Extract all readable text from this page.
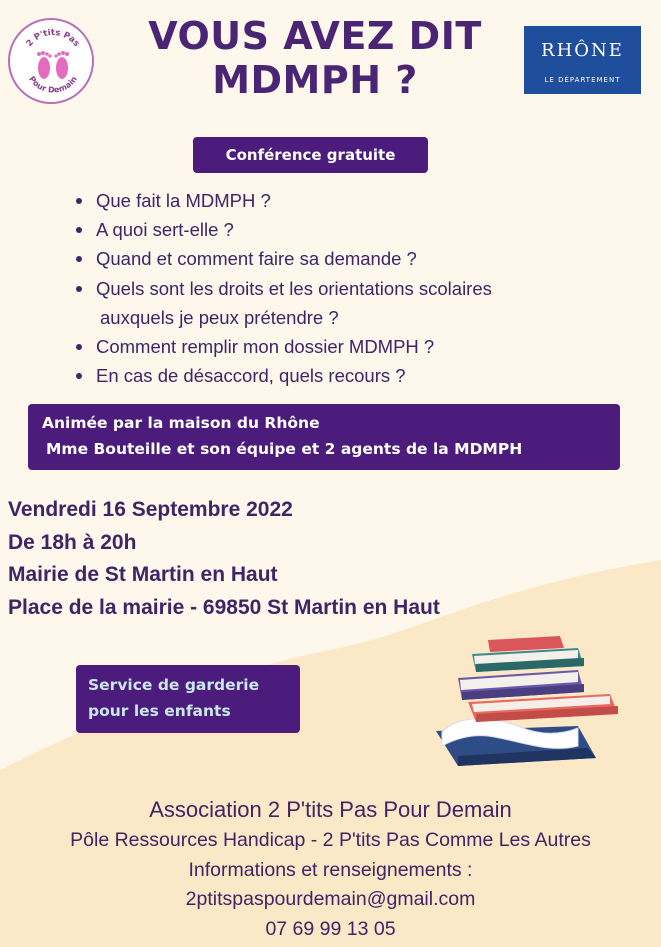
2 P'tits Pas
Pour Demain
VOUS AVEZ DIT
MDMPH ?
RHÔNE
LE DÉPARTEMENT
Conférence gratuite
Que fait la MDMPH ?
A quoi sert-elle ?
Quand et comment faire sa demande ?
Quels sont les droits et les orientations scolaires
auxquels je peux prétendre ?
Comment remplir mon dossier MDMPH ?
En cas de désaccord, quels recours ?
Animée par la maison du Rhône
Mme Bouteille et son équipe et 2 agents de la MDMPH
Vendredi 16 Septembre 2022
De 18h à 20h
Mairie de St Martin en Haut
Place de la mairie - 69850 St Martin en Haut
Service de garderie
pour les enfants
Association 2 P'tits Pas Pour Demain
Pôle Ressources Handicap - 2 P'tits Pas Comme Les Autres
Informations et renseignements :
2ptitspaspourdemain@gmail.com
07 69 99 13 05
